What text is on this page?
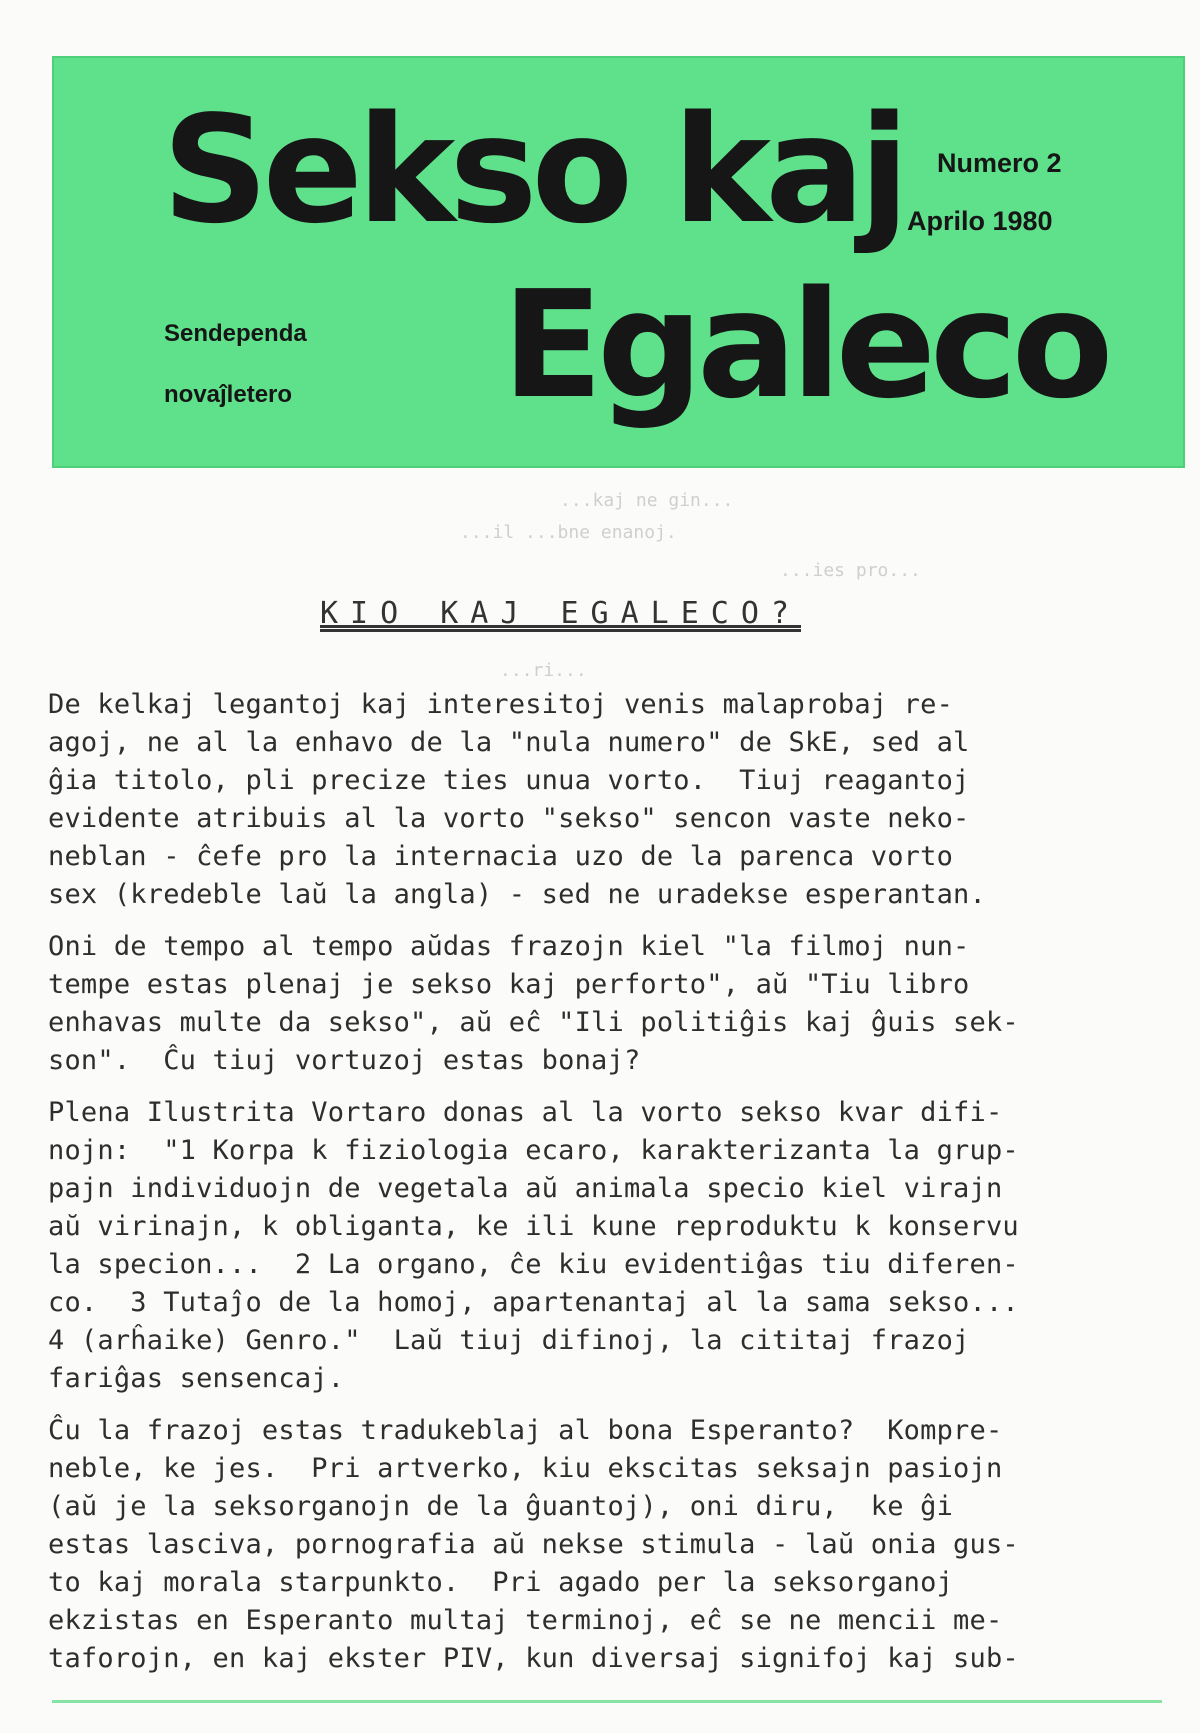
Sekso kaj
Egaleco
Numero 2
Aprilo 1980
Sendependa
novaĵletero
...kaj ne gin...
...il ...bne enanoj.
...ies pro...
...ri...
KIO KAJ EGALECO?

De kelkaj legantoj kaj interesitoj venis malaprobaj re-
agoj, ne al la enhavo de la "nula numero" de SkE, sed al
ĝia titolo, pli precize ties unua vorto.  Tiuj reagantoj
evidente atribuis al la vorto "sekso" sencon vaste neko-
neblan - ĉefe pro la internacia uzo de la parenca vorto
sex (kredeble laŭ la angla) - sed ne uradekse esperantan.

Oni de tempo al tempo aŭdas frazojn kiel "la filmoj nun-
tempe estas plenaj je sekso kaj perforto", aŭ "Tiu libro
enhavas multe da sekso", aŭ eĉ "Ili politiĝis kaj ĝuis sek-
son".  Ĉu tiuj vortuzoj estas bonaj?

Plena Ilustrita Vortaro donas al la vorto sekso kvar difi-
nojn:  "1 Korpa k fiziologia ecaro, karakterizanta la grup-
pajn individuojn de vegetala aŭ animala specio kiel virajn
aŭ virinajn, k obliganta, ke ili kune reproduktu k konservu
la specion...  2 La organo, ĉe kiu evidentiĝas tiu diferen-
co.  3 Tutaĵo de la homoj, apartenantaj al la sama sekso...
4 (arĥaike) Genro."  Laŭ tiuj difinoj, la cititaj frazoj
fariĝas sensencaj.

Ĉu la frazoj estas tradukeblaj al bona Esperanto?  Kompre-
neble, ke jes.  Pri artverko, kiu ekscitas seksajn pasiojn
(aŭ je la seksorganojn de la ĝuantoj), oni diru,  ke ĝi
estas lasciva, pornografia aŭ nekse stimula - laŭ onia gus-
to kaj morala starpunkto.  Pri agado per la seksorganoj
ekzistas en Esperanto multaj terminoj, eĉ se ne mencii me-
taforojn, en kaj ekster PIV, kun diversaj signifoj kaj sub-
